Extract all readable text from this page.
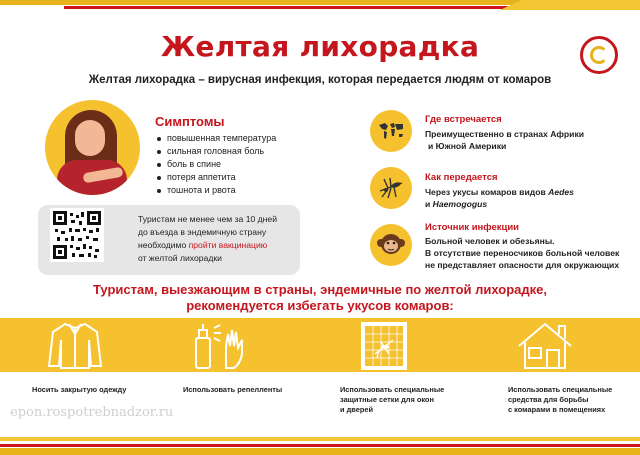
Желтая лихорадка
Желтая лихорадка – вирусная инфекция, которая передается людям от комаров
Симптомы
повышенная температура
сильная головная боль
боль в спине
потеря аппетита
тошнота и рвота
Туристам не менее чем за 10 дней
до въезда в эндемичную страну
необходимо пройти вакцинацию
от желтой лихорадки
Где встречается
Преимущественно в странах Африки
и Южной Америки
Как передается
Через укусы комаров видов Aedes
и Haemogogus
Источник инфекции
Больной человек и обезьяны.
В отсутствие переносчиков больной человек
не представляет опасности для окружающих
Туристам, выезжающим в страны, эндемичные по желтой лихорадке,
рекомендуется избегать укусов комаров:
Носить закрытую одежду	Использовать репелленты	Использовать специальные
защитные сетки для окон
и дверей
Использовать специальные
средства для борьбы
с комарами в помещениях
epon.rospotrebnadzor.ru
